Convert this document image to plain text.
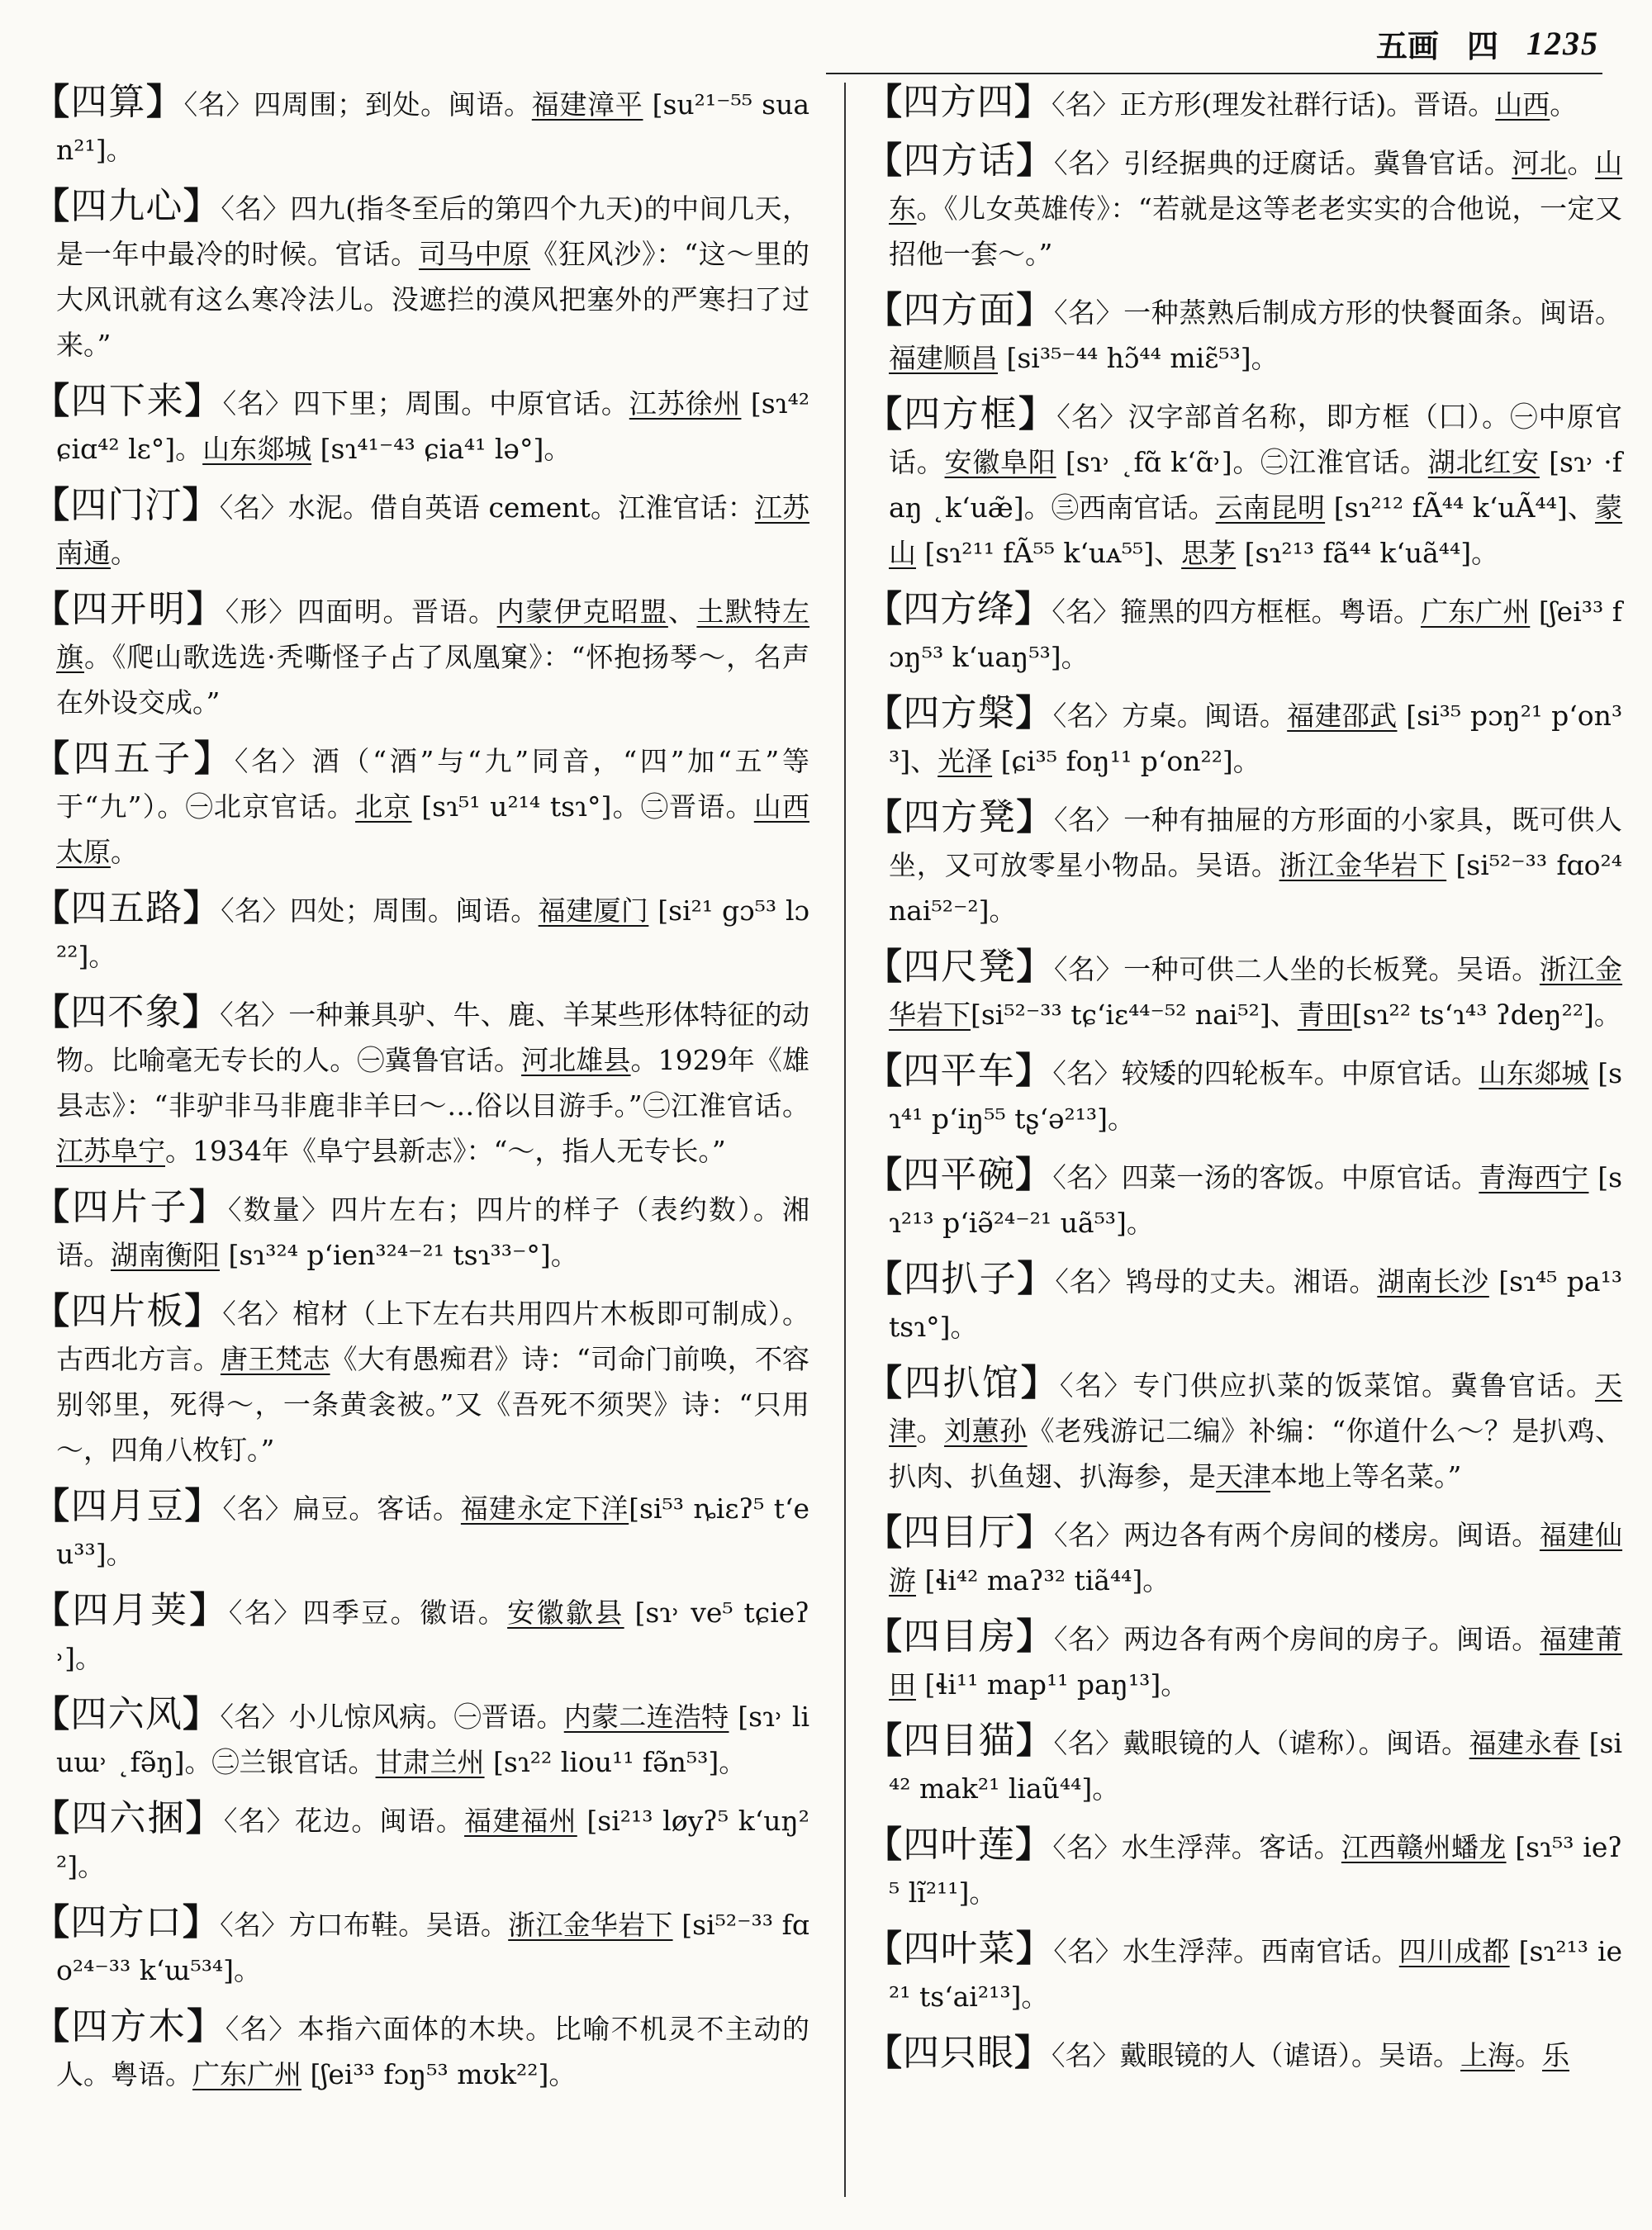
五画 四 1235

【四算】〈名〉四周围；到处。闽语。福建漳平 [su²¹⁻⁵⁵ suan²¹]。

【四九心】〈名〉四九(指冬至后的第四个九天)的中间几天，是一年中最冷的时候。官话。司马中原《狂风沙》：“这～里的大风讯就有这么寒冷法儿。没遮拦的漠风把塞外的严寒扫了过来。”

【四下来】〈名〉四下里；周围。中原官话。江苏徐州 [sɿ⁴² ɕiɑ⁴² lɛ°]。山东郯城 [sɿ⁴¹⁻⁴³ ɕia⁴¹ lə°]。

【四门汀】〈名〉水泥。借自英语 cement。江淮官话：江苏南通。

【四开明】〈形〉四面明。晋语。内蒙伊克昭盟、土默特左旗。《爬山歌选选·秃嘶怪子占了凤凰窠》：“怀抱扬琴～，名声在外设交成。”

【四五子】〈名〉酒（“酒”与“九”同音，“四”加“五”等于“九”）。㊀北京官话。北京 [sɿ⁵¹ u²¹⁴ tsɿ°]。㊁晋语。山西太原。

【四五路】〈名〉四处；周围。闽语。福建厦门 [si²¹ gɔ⁵³ lɔ²²]。

【四不象】〈名〉一种兼具驴、牛、鹿、羊某些形体特征的动物。比喻毫无专长的人。㊀冀鲁官话。河北雄县。1929年《雄县志》：“非驴非马非鹿非羊曰～…俗以目游手。”㊁江淮官话。江苏阜宁。1934年《阜宁县新志》：“～，指人无专长。”

【四片子】〈数量〉四片左右；四片的样子（表约数）。湘语。湖南衡阳 [sɿ³²⁴ pʻien³²⁴⁻²¹ tsɿ³³⁻°]。

【四片板】〈名〉棺材（上下左右共用四片木板即可制成）。古西北方言。唐王梵志《大有愚痴君》诗：“司命门前唤，不容别邻里，死得～，一条黄衾被。”又《吾死不须哭》诗：“只用～，四角八枚钉。”

【四月豆】〈名〉扁豆。客话。福建永定下洋[si⁵³ ȵiɛʔ⁵ tʻeu³³]。

【四月荚】〈名〉四季豆。徽语。安徽歙县 [sɿ˒ ve⁵ tɕieʔ˒]。

【四六风】〈名〉小儿惊风病。㊀晋语。内蒙二连浩特 [sɿ˒ liuɯ˒ ˛fə̃ŋ]。㊁兰银官话。甘肃兰州 [sɿ²² liou¹¹ fə̃n⁵³]。

【四六捆】〈名〉花边。闽语。福建福州 [si²¹³ løyʔ⁵ kʻuŋ²²]。

【四方口】〈名〉方口布鞋。吴语。浙江金华岩下 [si⁵²⁻³³ fɑo²⁴⁻³³ kʻɯ⁵³⁴]。

【四方木】〈名〉本指六面体的木块。比喻不机灵不主动的人。粤语。广东广州 [ʃei³³ fɔŋ⁵³ mʊk²²]。

【四方四】〈名〉正方形(理发社群行话)。晋语。山西。

【四方话】〈名〉引经据典的迂腐话。冀鲁官话。河北。山东。《儿女英雄传》：“若就是这等老老实实的合他说，一定又招他一套～。”

【四方面】〈名〉一种蒸熟后制成方形的快餐面条。闽语。福建顺昌 [si³⁵⁻⁴⁴ hɔ̃⁴⁴ miɛ̃⁵³]。

【四方框】〈名〉汉字部首名称，即方框（囗）。㊀中原官话。安徽阜阳 [sɿ˒ ˛fɑ̃ kʻɑ̃˒]。㊁江淮官话。湖北红安 [sɿ˒ ·faŋ ˛kʻuæ̃]。㊂西南官话。云南昆明 [sɿ²¹² fÃ⁴⁴ kʻuÃ⁴⁴]、蒙山 [sɿ²¹¹ fÃ⁵⁵ kʻuᴀ⁵⁵]、思茅 [sɿ²¹³ fã⁴⁴ kʻuã⁴⁴]。

【四方绛】〈名〉箍黑的四方框框。粤语。广东广州 [ʃei³³ fɔŋ⁵³ kʻuaŋ⁵³]。

【四方槃】〈名〉方桌。闽语。福建邵武 [si³⁵ pɔŋ²¹ pʻon³³]、光泽 [ɕi³⁵ foŋ¹¹ pʻon²²]。

【四方凳】〈名〉一种有抽屉的方形面的小家具，既可供人坐，又可放零星小物品。吴语。浙江金华岩下 [si⁵²⁻³³ fɑo²⁴ nai⁵²⁻²]。

【四尺凳】〈名〉一种可供二人坐的长板凳。吴语。浙江金华岩下[si⁵²⁻³³ tɕʻiɛ⁴⁴⁻⁵² nai⁵²]、青田[sɿ²² tsʻɿ⁴³ ʔdeŋ²²]。

【四平车】〈名〉较矮的四轮板车。中原官话。山东郯城 [sɿ⁴¹ pʻiŋ⁵⁵ tʂʻə²¹³]。

【四平碗】〈名〉四菜一汤的客饭。中原官话。青海西宁 [sɿ²¹³ pʻiə̃²⁴⁻²¹ uã⁵³]。

【四扒子】〈名〉鸨母的丈夫。湘语。湖南长沙 [sɿ⁴⁵ pa¹³ tsɿ°]。

【四扒馆】〈名〉专门供应扒菜的饭菜馆。冀鲁官话。天津。刘蕙孙《老残游记二编》补编：“你道什么～？是扒鸡、扒肉、扒鱼翅、扒海参，是天津本地上等名菜。”

【四目厅】〈名〉两边各有两个房间的楼房。闽语。福建仙游 [ɬi⁴² maʔ³² tiã⁴⁴]。

【四目房】〈名〉两边各有两个房间的房子。闽语。福建莆田 [ɬi¹¹ map¹¹ paŋ¹³]。

【四目猫】〈名〉戴眼镜的人（谑称）。闽语。福建永春 [si⁴² mak²¹ liaũ⁴⁴]。

【四叶莲】〈名〉水生浮萍。客话。江西赣州蟠龙 [sɿ⁵³ ieʔ⁵ lĩ²¹¹]。

【四叶菜】〈名〉水生浮萍。西南官话。四川成都 [sɿ²¹³ ie²¹ tsʻai²¹³]。

【四只眼】〈名〉戴眼镜的人（谑语）。吴语。上海。乐
